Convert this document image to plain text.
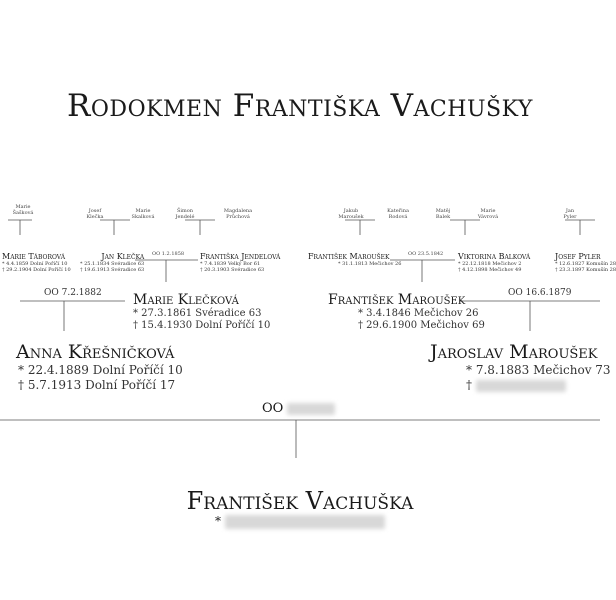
Rodokmen Františka Vachušky
Marie
Šašková	Josef
Klečka
Marie
Skalková
Šimon
Jendelé
Magdalena
Průchová
Jakub
Maroušek
Kateřina
Rodová
Matěj
Balek
Marie
Vávrová
Jan
Pyler
Marie Táborová
* 4.4.1859 Dolní Poříčí 10
† 29.2.1904 Dolní Poříčí 10
Jan Klečka
* 25.1.1834 Svéradice 63
† 19.6.1913 Svéradice 63
Františka Jendelová
* 7.4.1839 Velký Bor 61
† 20.3.1903 Svéradice 63
František Maroušek
* 31.1.1813 Mečichov 26
Viktorina Balková
* 22.12.1818 Mečichov 2
† 4.12.1898 Mečichov 49
Josef Pyler
* 12.6.1827 Komušín 28
† 23.3.1897 Komušín 28
OO 1.2.1858	OO 23.5.1842
OO 7.2.1882	OO 16.6.1879
Marie Klečková
* 27.3.1861 Svéradice 63
† 15.4.1930 Dolní Poříčí 10
František Maroušek
* 3.4.1846 Mečichov 26
† 29.6.1900 Mečichov 69
Anna Křešničková
* 22.4.1889 Dolní Poříčí 10
† 5.7.1913 Dolní Poříčí 17
Jaroslav Maroušek
* 7.8.1883 Mečichov 73
†
OO
František Vachuška
*
